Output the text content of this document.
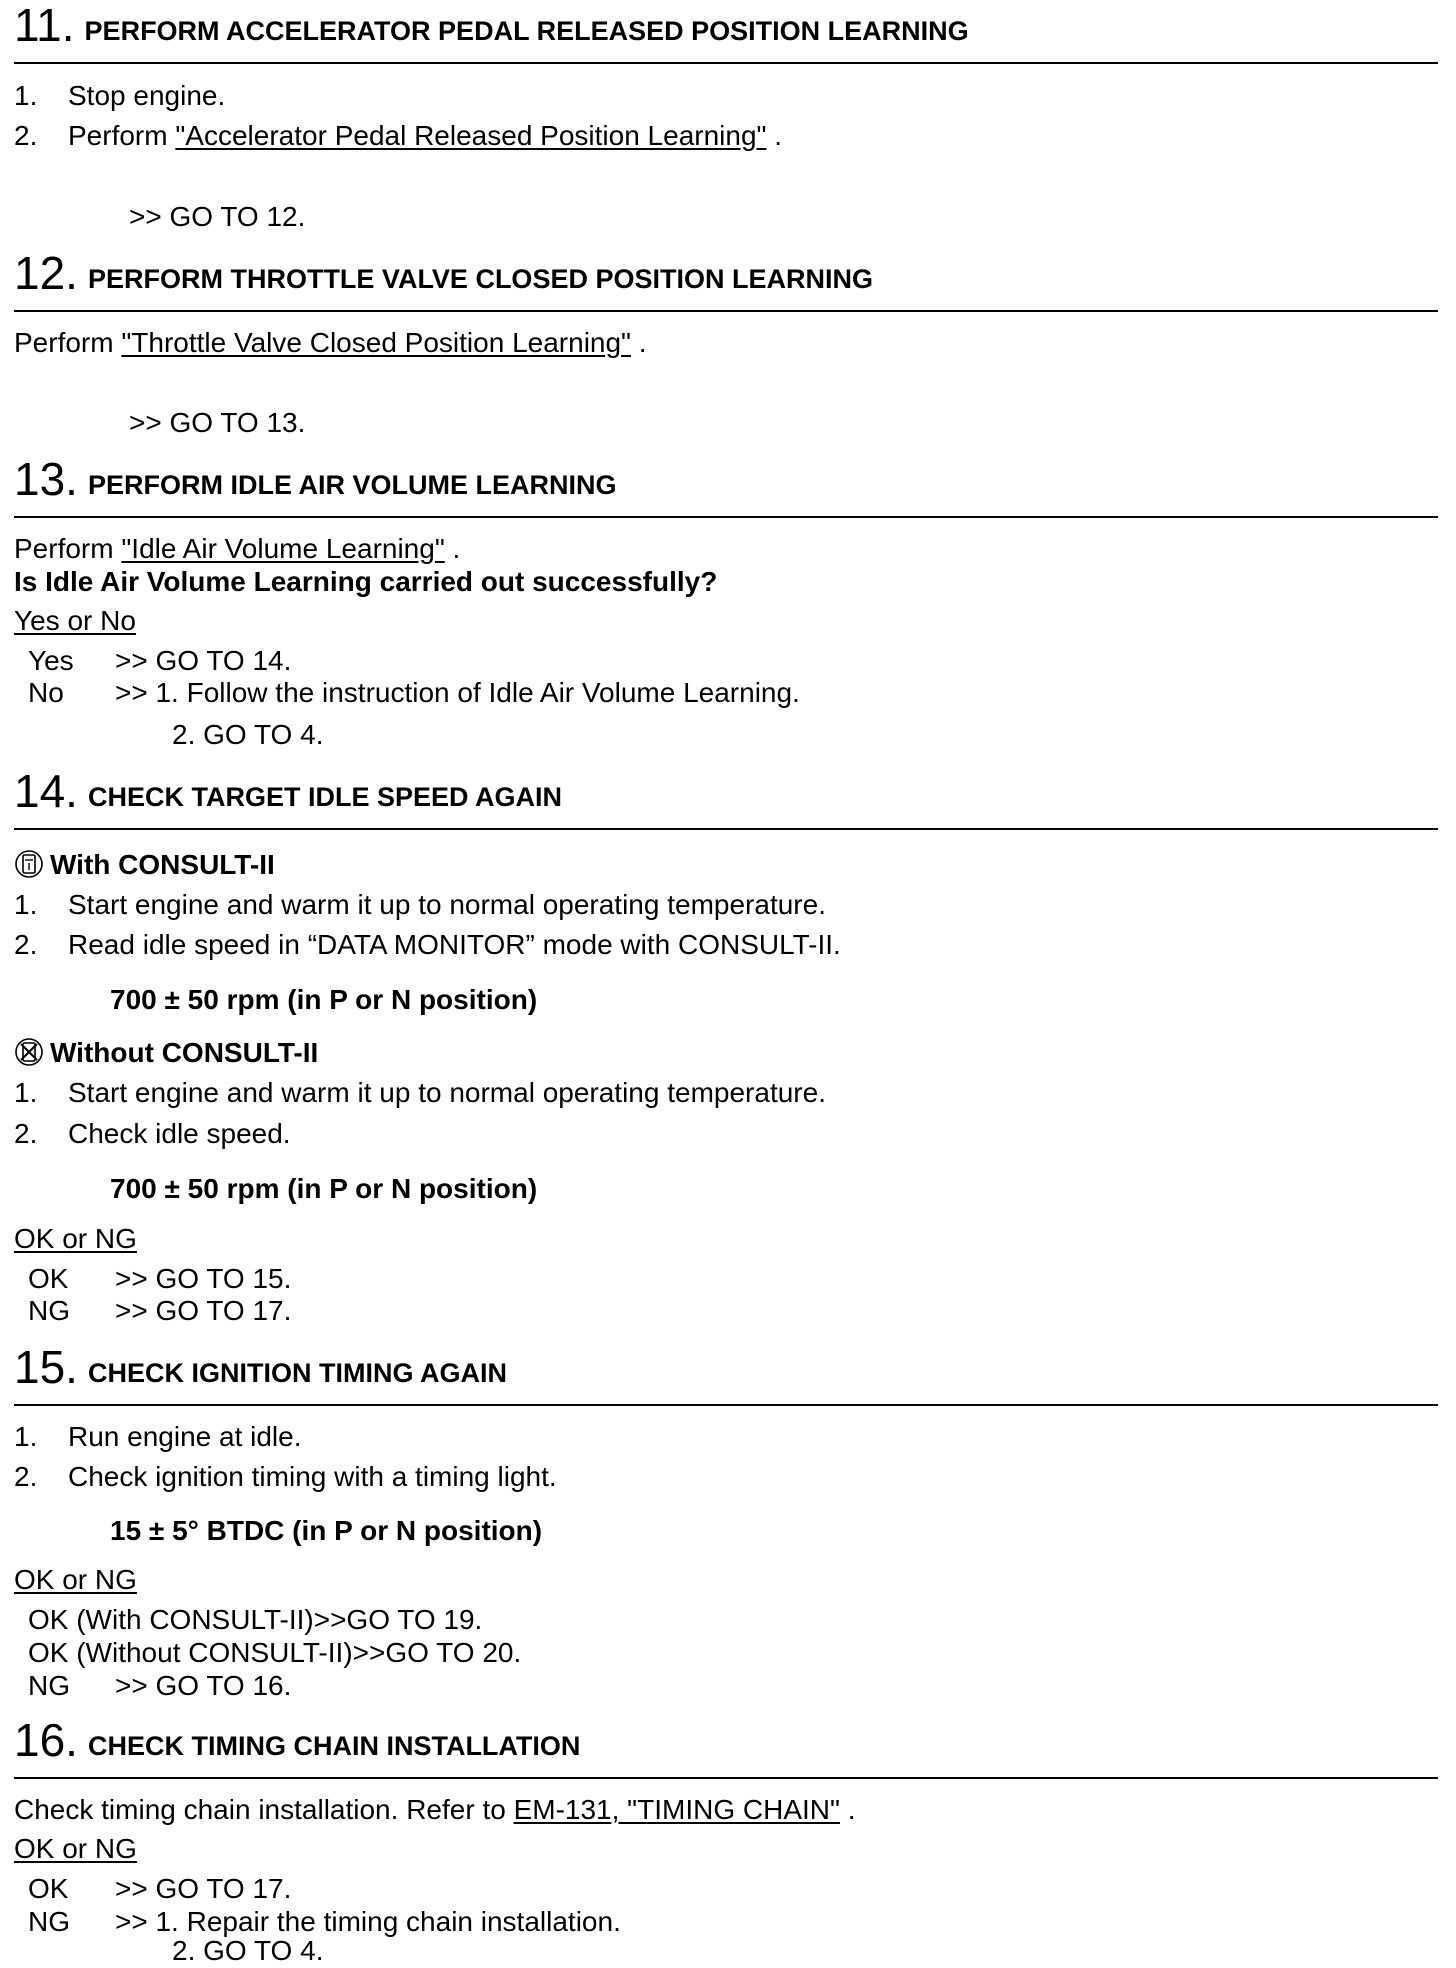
11 . PERFORM ACCELERATOR PEDAL RELEASED POSITION LEARNING
1. Stop engine.
2. Perform "Accelerator Pedal Released Position Learning" .
>> GO TO 12.
12 . PERFORM THROTTLE VALVE CLOSED POSITION LEARNING
Perform "Throttle Valve Closed Position Learning" .
>> GO TO 13.
13 . PERFORM IDLE AIR VOLUME LEARNING
Perform "Idle Air Volume Learning" .
Is Idle Air Volume Learning carried out successfully?
Yes or No
Yes >> GO TO 14.
No >> 1. Follow the instruction of Idle Air Volume Learning.
2. GO TO 4.
14 . CHECK TARGET IDLE SPEED AGAIN
With CONSULT-II
1. Start engine and warm it up to normal operating temperature.
2. Read idle speed in “DATA MONITOR” mode with CONSULT-II.
700 ± 50 rpm (in P or N position)
Without CONSULT-II
1. Start engine and warm it up to normal operating temperature.
2. Check idle speed.
700 ± 50 rpm (in P or N position)
OK or NG
OK >> GO TO 15.
NG >> GO TO 17.
15 . CHECK IGNITION TIMING AGAIN
1. Run engine at idle.
2. Check ignition timing with a timing light.
15 ± 5° BTDC (in P or N position)
OK or NG
OK (With CONSULT-II)>>GO TO 19.
OK (Without CONSULT-II)>>GO TO 20.
NG >> GO TO 16.
16 . CHECK TIMING CHAIN INSTALLATION
Check timing chain installation. Refer to EM-131, "TIMING CHAIN" .
OK or NG
OK >> GO TO 17.
NG >> 1. Repair the timing chain installation.
2. GO TO 4.
